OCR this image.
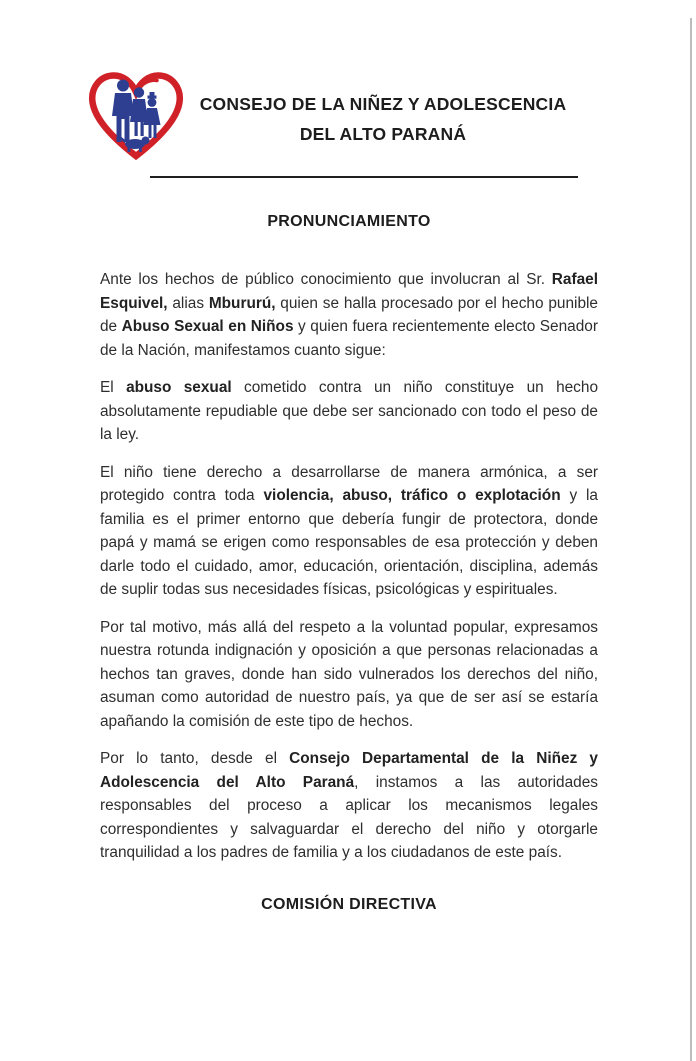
CONSEJO DE LA NIÑEZ Y ADOLESCENCIA
DEL ALTO PARANÁ
PRONUNCIAMIENTO

Ante los hechos de público conocimiento que involucran al Sr. Rafael Esquivel, alias Mbururú, quien se halla procesado por el hecho punible de Abuso Sexual en Niños y quien fuera recientemente electo Senador de la Nación, manifestamos cuanto sigue:

El abuso sexual cometido contra un niño constituye un hecho absolutamente repudiable que debe ser sancionado con todo el peso de la ley.

El niño tiene derecho a desarrollarse de manera armónica, a ser protegido contra toda violencia, abuso, tráfico o explotación y la familia es el primer entorno que debería fungir de protectora, donde papá y mamá se erigen como responsables de esa protección y deben darle todo el cuidado, amor, educación, orientación, disciplina, además de suplir todas sus necesidades físicas, psicológicas y espirituales.

Por tal motivo, más allá del respeto a la voluntad popular, expresamos nuestra rotunda indignación y oposición a que personas relacionadas a hechos tan graves, donde han sido vulnerados los derechos del niño, asuman como autoridad de nuestro país, ya que de ser así se estaría apañando la comisión de este tipo de hechos.

Por lo tanto, desde el Consejo Departamental de la Niñez y Adolescencia del Alto Paraná, instamos a las autoridades responsables del proceso a aplicar los mecanismos legales correspondientes y salvaguardar el derecho del niño y otorgarle tranquilidad a los padres de familia y a los ciudadanos de este país.

COMISIÓN DIRECTIVA
